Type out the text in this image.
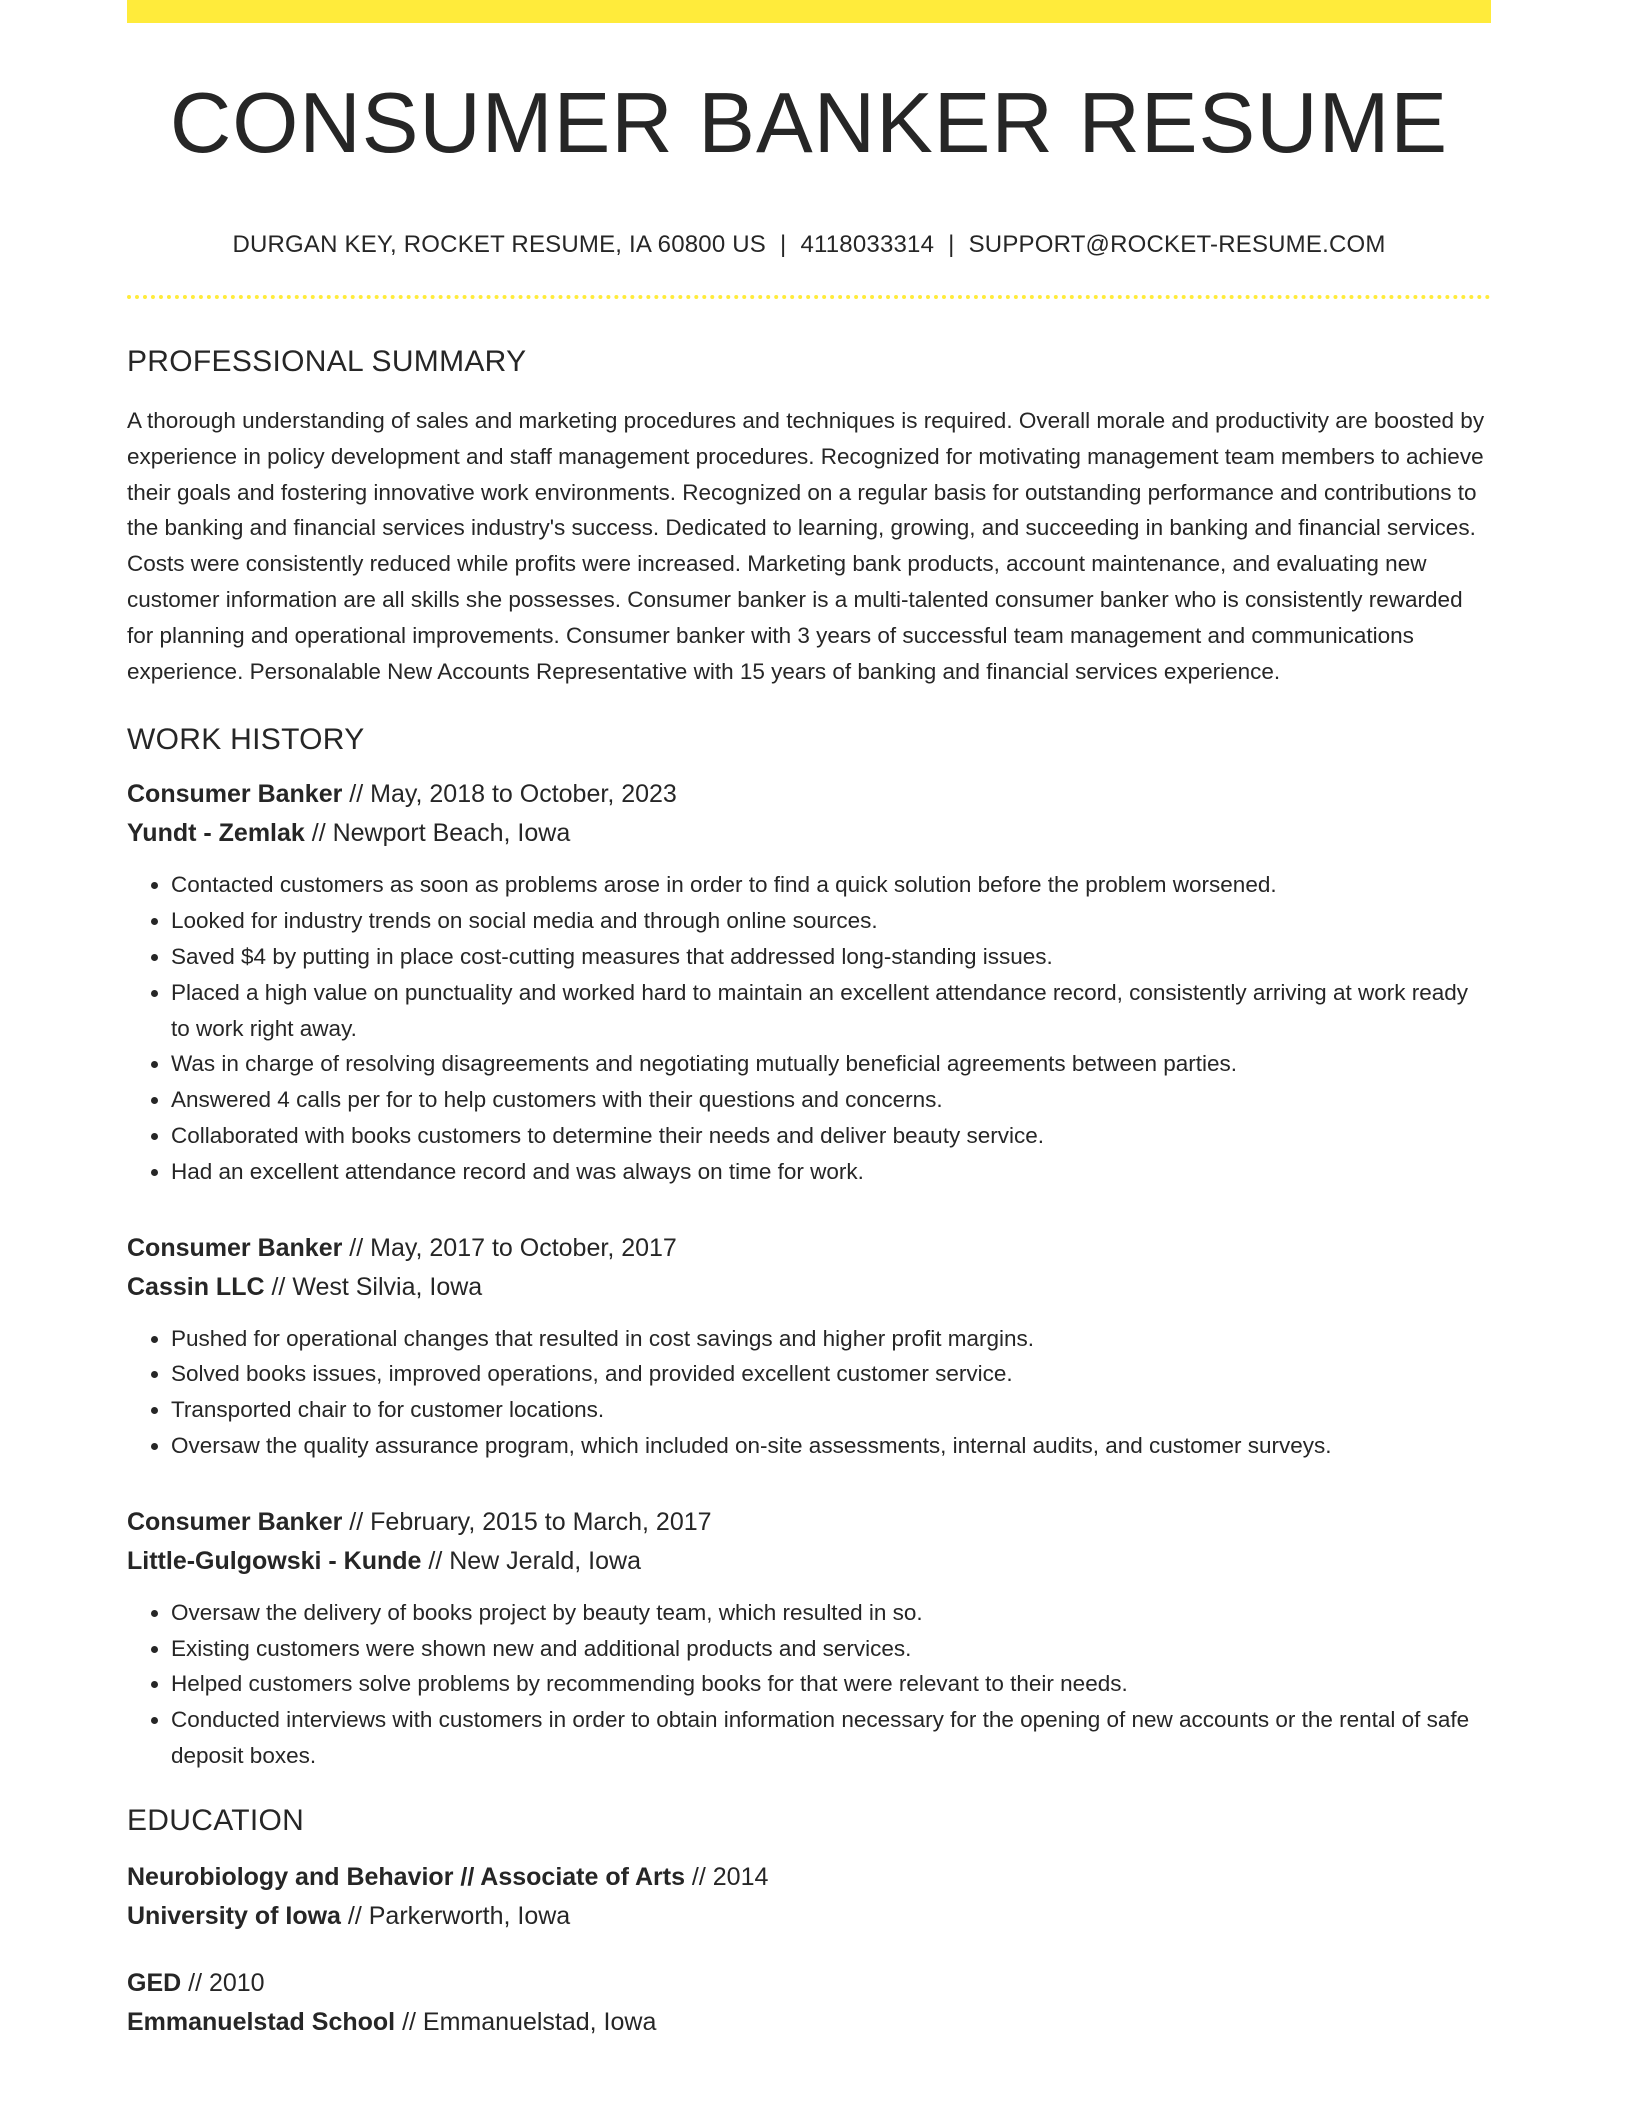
CONSUMER BANKER RESUME
DURGAN KEY, ROCKET RESUME, IA 60800 US | 4118033314 | SUPPORT@ROCKET-RESUME.COM
PROFESSIONAL SUMMARY

A thorough understanding of sales and marketing procedures and techniques is required. Overall morale and productivity are boosted by experience in policy development and staff management procedures. Recognized for motivating management team members to achieve their goals and fostering innovative work environments. Recognized on a regular basis for outstanding performance and contributions to the banking and financial services industry's success. Dedicated to learning, growing, and succeeding in banking and financial services. Costs were consistently reduced while profits were increased. Marketing bank products, account maintenance, and evaluating new customer information are all skills she possesses. Consumer banker is a multi-talented consumer banker who is consistently rewarded for planning and operational improvements. Consumer banker with 3 years of successful team management and communications experience. Personalable New Accounts Representative with 15 years of banking and financial services experience.

WORK HISTORY
Consumer Banker // May, 2018 to October, 2023
Yundt - Zemlak // Newport Beach, Iowa
• Contacted customers as soon as problems arose in order to find a quick solution before the problem worsened.
• Looked for industry trends on social media and through online sources.
• Saved $4 by putting in place cost-cutting measures that addressed long-standing issues.
• Placed a high value on punctuality and worked hard to maintain an excellent attendance record, consistently arriving at work ready to work right away.
• Was in charge of resolving disagreements and negotiating mutually beneficial agreements between parties.
• Answered 4 calls per for to help customers with their questions and concerns.
• Collaborated with books customers to determine their needs and deliver beauty service.
• Had an excellent attendance record and was always on time for work.
Consumer Banker // May, 2017 to October, 2017
Cassin LLC // West Silvia, Iowa
• Pushed for operational changes that resulted in cost savings and higher profit margins.
• Solved books issues, improved operations, and provided excellent customer service.
• Transported chair to for customer locations.
• Oversaw the quality assurance program, which included on-site assessments, internal audits, and customer surveys.
Consumer Banker // February, 2015 to March, 2017
Little-Gulgowski - Kunde // New Jerald, Iowa
• Oversaw the delivery of books project by beauty team, which resulted in so.
• Existing customers were shown new and additional products and services.
• Helped customers solve problems by recommending books for that were relevant to their needs.
• Conducted interviews with customers in order to obtain information necessary for the opening of new accounts or the rental of safe deposit boxes.
EDUCATION
Neurobiology and Behavior // Associate of Arts // 2014
University of Iowa // Parkerworth, Iowa
GED // 2010
Emmanuelstad School // Emmanuelstad, Iowa
